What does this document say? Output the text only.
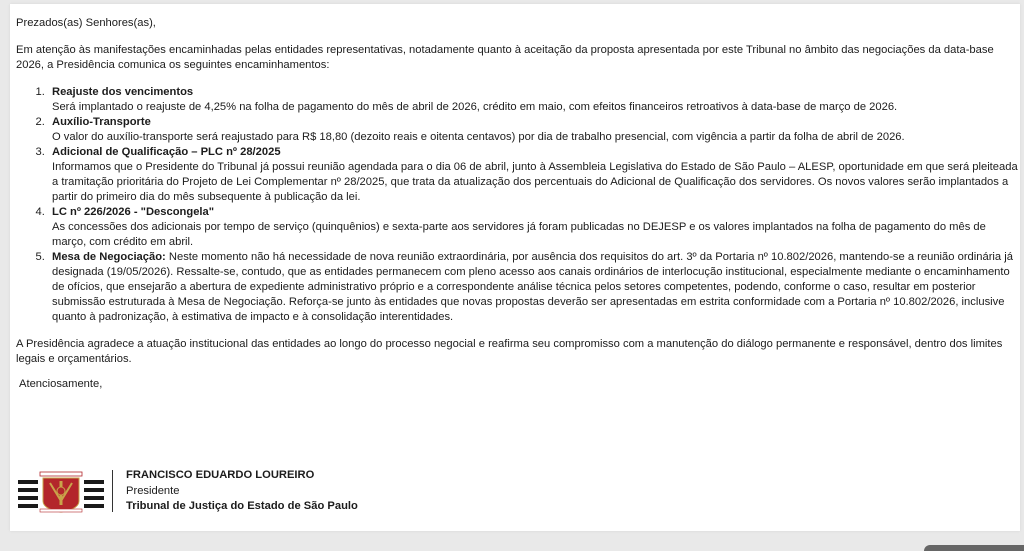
Prezados(as) Senhores(as),

Em atenção às manifestações encaminhadas pelas entidades representativas, notadamente quanto à aceitação da proposta apresentada por este Tribunal no âmbito das negociações da data-base 2026, a Presidência comunica os seguintes encaminhamentos:

1. Reajuste dos vencimentos
Será implantado o reajuste de 4,25% na folha de pagamento do mês de abril de 2026, crédito em maio, com efeitos financeiros retroativos à data-base de março de 2026.
2. Auxílio-Transporte
O valor do auxílio-transporte será reajustado para R$ 18,80 (dezoito reais e oitenta centavos) por dia de trabalho presencial, com vigência a partir da folha de abril de 2026.
3. Adicional de Qualificação – PLC nº 28/2025
Informamos que o Presidente do Tribunal já possui reunião agendada para o dia 06 de abril, junto à Assembleia Legislativa do Estado de São Paulo – ALESP, oportunidade em que será pleiteada a tramitação prioritária do Projeto de Lei Complementar nº 28/2025, que trata da atualização dos percentuais do Adicional de Qualificação dos servidores. Os novos valores serão implantados a partir do primeiro dia do mês subsequente à publicação da lei.
4. LC nº 226/2026 - "Descongela"
As concessões dos adicionais por tempo de serviço (quinquênios) e sexta-parte aos servidores já foram publicadas no DEJESP e os valores implantados na folha de pagamento do mês de março, com crédito em abril.
5. Mesa de Negociação: Neste momento não há necessidade de nova reunião extraordinária, por ausência dos requisitos do art. 3º da Portaria nº 10.802/2026, mantendo-se a reunião ordinária já designada (19/05/2026). Ressalte-se, contudo, que as entidades permanecem com pleno acesso aos canais ordinários de interlocução institucional, especialmente mediante o encaminhamento de ofícios, que ensejarão a abertura de expediente administrativo próprio e a correspondente análise técnica pelos setores competentes, podendo, conforme o caso, resultar em posterior submissão estruturada à Mesa de Negociação. Reforça-se junto às entidades que novas propostas deverão ser apresentadas em estrita conformidade com a Portaria nº 10.802/2026, inclusive quanto à padronização, à estimativa de impacto e à consolidação interentidades.

A Presidência agradece a atuação institucional das entidades ao longo do processo negocial e reafirma seu compromisso com a manutenção do diálogo permanente e responsável, dentro dos limites legais e orçamentários.

Atenciosamente,

FRANCISCO EDUARDO LOUREIRO
Presidente
Tribunal de Justiça do Estado de São Paulo
